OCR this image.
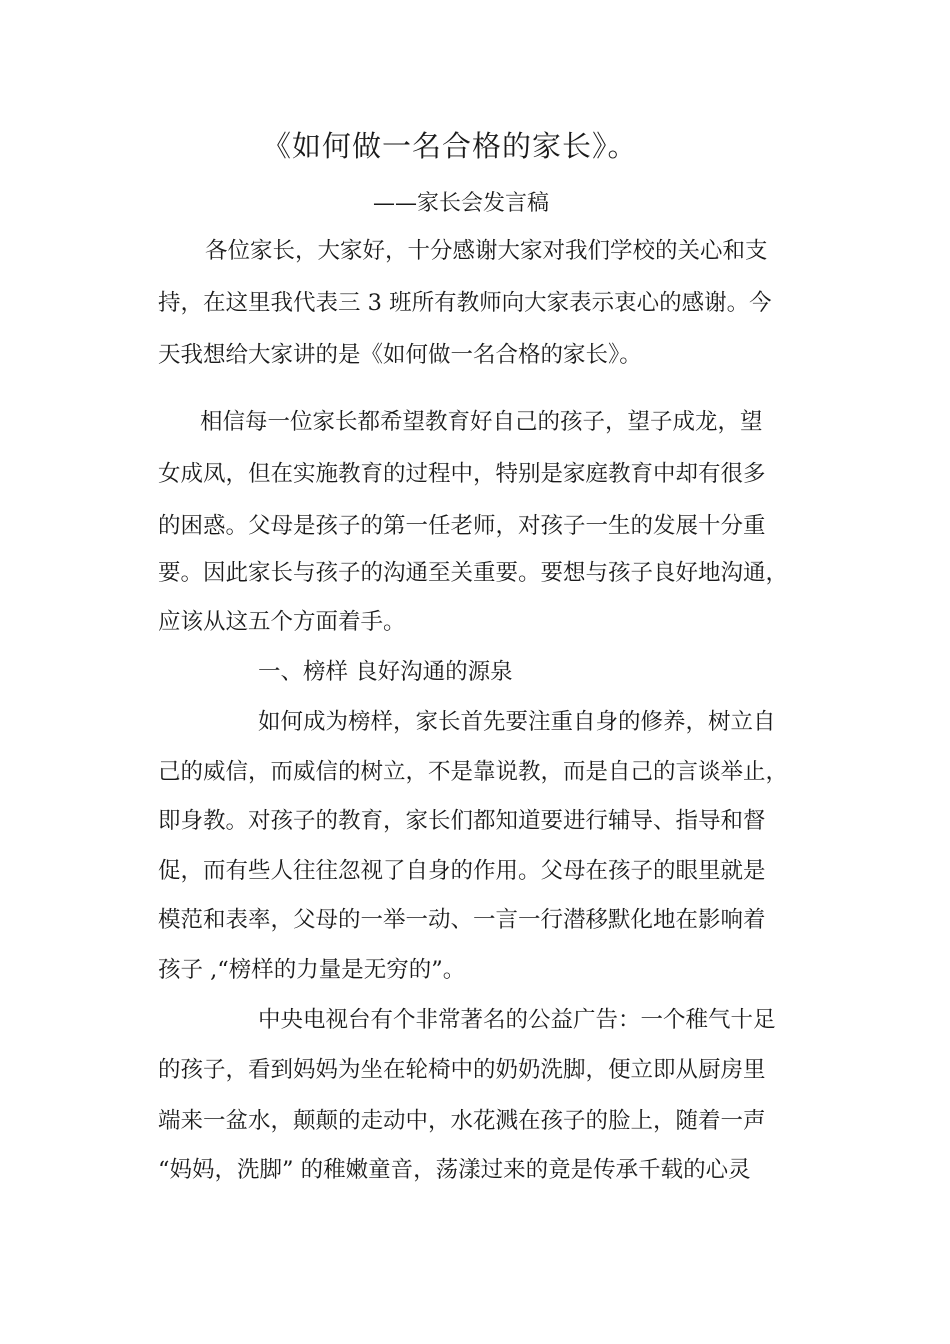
《如何做一名合格的家长》。
——家长会发言稿
各位家长，大家好，十分感谢大家对我们学校的关心和支
持，在这里我代表三 3 班所有教师向大家表示衷心的感谢。今
天我想给大家讲的是《如何做一名合格的家长》。
相信每一位家长都希望教育好自己的孩子，望子成龙，望
女成凤，但在实施教育的过程中，特别是家庭教育中却有很多
的困惑。父母是孩子的第一任老师，对孩子一生的发展十分重
要。因此家长与孩子的沟通至关重要。要想与孩子良好地沟通，
应该从这五个方面着手。
一、榜样 良好沟通的源泉
如何成为榜样，家长首先要注重自身的修养，树立自
己的威信，而威信的树立，不是靠说教，而是自己的言谈举止，
即身教。对孩子的教育，家长们都知道要进行辅导、指导和督
促，而有些人往往忽视了自身的作用。父母在孩子的眼里就是
模范和表率，父母的一举一动、一言一行潜移默化地在影响着
孩子 ,“榜样的力量是无穷的”。
中央电视台有个非常著名的公益广告：一个稚气十足
的孩子，看到妈妈为坐在轮椅中的奶奶洗脚，便立即从厨房里
端来一盆水，颠颠的走动中，水花溅在孩子的脸上，随着一声
“妈妈，洗脚” 的稚嫩童音，荡漾过来的竟是传承千载的心灵
